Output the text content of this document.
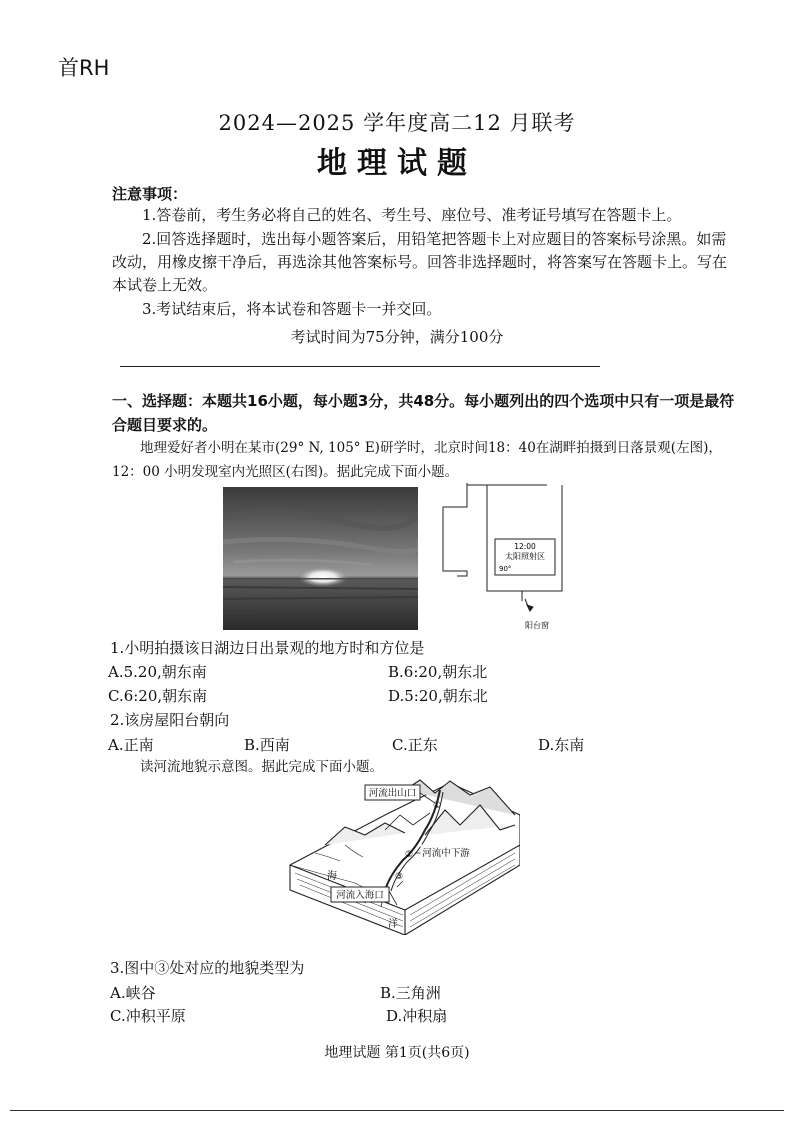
首RH
2024—2025 学年度高二12 月联考
地理试题
注意事项：
1.答卷前，考生务必将自己的姓名、考生号、座位号、准考证号填写在答题卡上。
2.回答选择题时，选出每小题答案后，用铅笔把答题卡上对应题目的答案标号涂黑。如需改动，用橡皮擦干净后，再选涂其他答案标号。回答非选择题时，将答案写在答题卡上。写在本试卷上无效。
3.考试结束后，将本试卷和答题卡一并交回。
考试时间为75分钟，满分100分
一、选择题：本题共16小题，每小题3分，共48分。每小题列出的四个选项中只有一项是最符合题目要求的。
地理爱好者小明在某市(29° N, 105° E)研学时，北京时间18：40在湖畔拍摄到日落景观(左图)，12：00 小明发现室内光照区(右图)。据此完成下面小题。
12:00
太阳照射区
90°
阳台窗
1.小明拍摄该日湖边日出景观的地方时和方位是
A.5.20,朝东南	B.6:20,朝东北
C.6:20,朝东南	D.5:20,朝东北
2.该房屋阳台朝向
A.正南	B.西南	C.正东	D.东南
读河流地貌示意图。据此完成下面小题。
河流出山口
河流中下游
河流入海口
海
洋
①
②
③
3.图中③处对应的地貌类型为
A.峡谷	B.三角洲
C.冲积平原	D.冲积扇
地理试题 第1页(共6页)
